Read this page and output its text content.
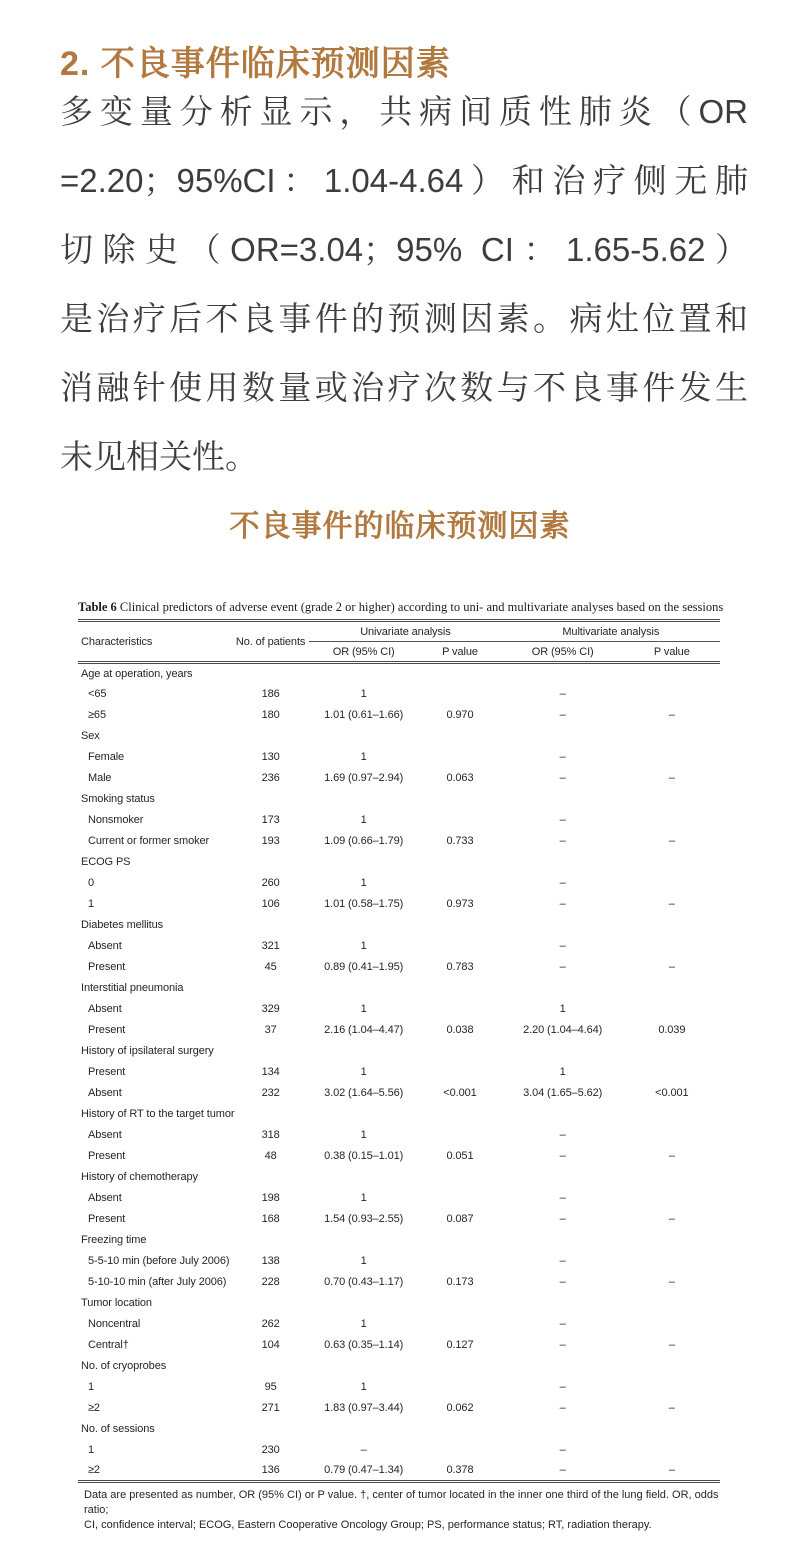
2. 不良事件临床预测因素
多变量分析显示，共病间质性肺炎（OR
=2.20；95%CI：1.04-4.64）和治疗侧无肺
切除史（OR=3.04；95% CI：1.65-5.62）
是治疗后不良事件的预测因素。病灶位置和
消融针使用数量或治疗次数与不良事件发生
未见相关性。
不良事件的临床预测因素
Table 6 Clinical predictors of adverse event (grade 2 or higher) according to uni- and multivariate analyses based on the sessions
Characteristics	No. of patients	Univariate analysis		Multivariate analysis	
		OR (95% CI)	P value	OR (95% CI)	P value
Age at operation, years					
<65	186	1		–	
≥65	180	1.01 (0.61–1.66)	0.970	–	–
Sex					
Female	130	1		–	
Male	236	1.69 (0.97–2.94)	0.063	–	–
Smoking status					
Nonsmoker	173	1		–	
Current or former smoker	193	1.09 (0.66–1.79)	0.733	–	–
ECOG PS					
0	260	1		–	
1	106	1.01 (0.58–1.75)	0.973	–	–
Diabetes mellitus					
Absent	321	1		–	
Present	45	0.89 (0.41–1.95)	0.783	–	–
Interstitial pneumonia					
Absent	329	1		1	
Present	37	2.16 (1.04–4.47)	0.038	2.20 (1.04–4.64)	0.039
History of ipsilateral surgery					
Present	134	1		1	
Absent	232	3.02 (1.64–5.56)	<0.001	3.04 (1.65–5.62)	<0.001
History of RT to the target tumor					
Absent	318	1		–	
Present	48	0.38 (0.15–1.01)	0.051	–	–
History of chemotherapy					
Absent	198	1		–	
Present	168	1.54 (0.93–2.55)	0.087	–	–
Freezing time					
5-5-10 min (before July 2006)	138	1		–	
5-10-10 min (after July 2006)	228	0.70 (0.43–1.17)	0.173	–	–
Tumor location					
Noncentral	262	1		–	
Central†	104	0.63 (0.35–1.14)	0.127	–	–
No. of cryoprobes					
1	95	1		–	
≥2	271	1.83 (0.97–3.44)	0.062	–	–
No. of sessions					
1	230	–		–	
≥2	136	0.79 (0.47–1.34)	0.378	–	–
Data are presented as number, OR (95% CI) or P value. †, center of tumor located in the inner one third of the lung field. OR, odds ratio;
CI, confidence interval; ECOG, Eastern Cooperative Oncology Group; PS, performance status; RT, radiation therapy.
